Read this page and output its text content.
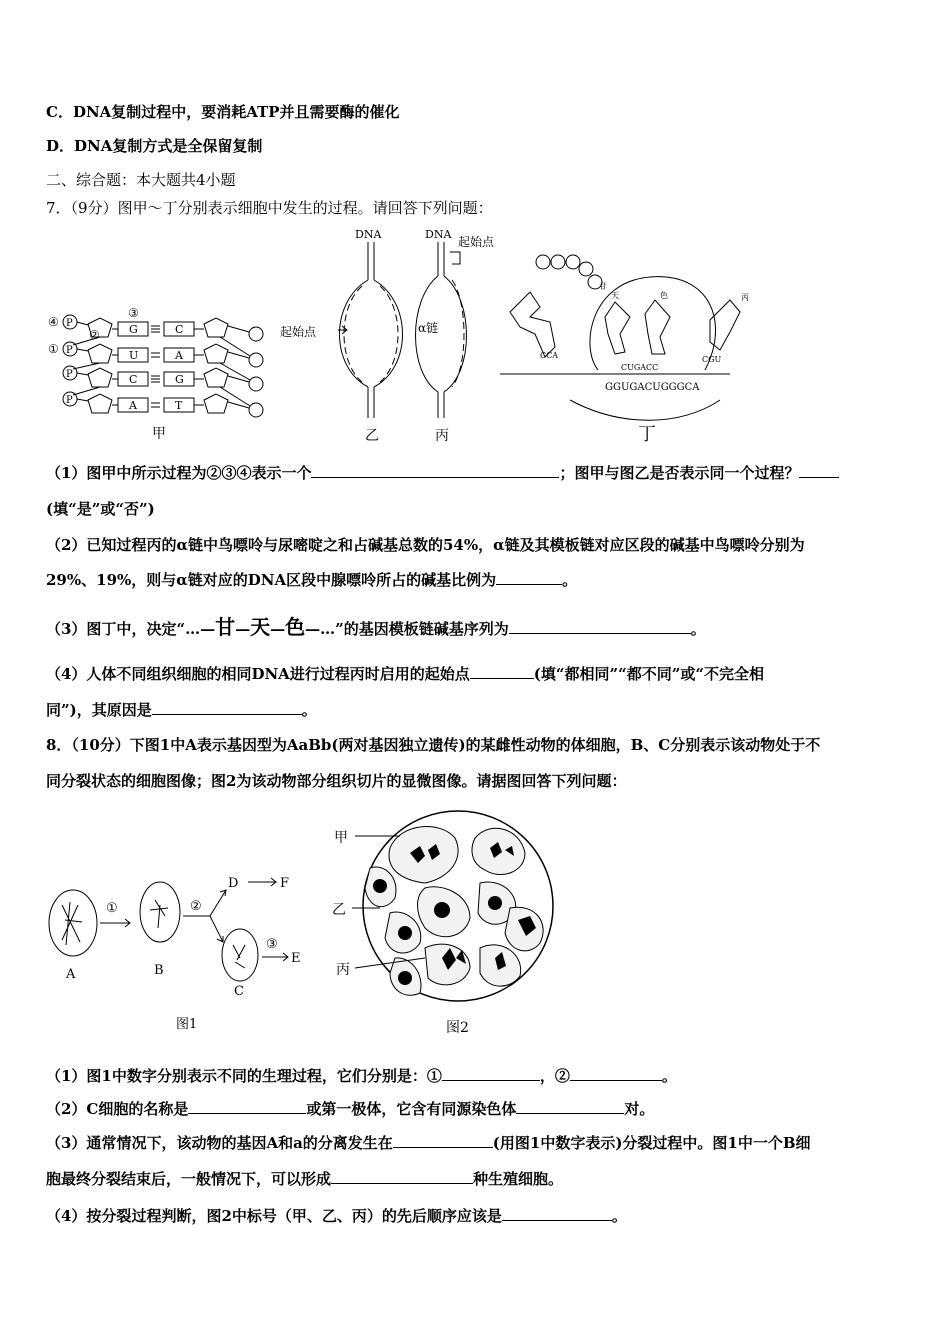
C．DNA复制过程中，要消耗ATP并且需要酶的催化
D．DNA复制方式是全保留复制
二、综合题：本大题共4小题
7．（9分）图甲～丁分别表示细胞中发生的过程。请回答下列问题：
④
①
②
③
P
P
P
P
G
U
C
A
C
A
G
T
甲
DNA
起始点
乙
DNA
起始点
α链
丙
甘
天	色	丙
CCA	CGU
CUGACC
GGUGACUGGGCA
丁
（1）图甲中所示过程为②③④表示一个	；图甲与图乙是否表示同一个过程？
(填“是”或“否”)
（2）已知过程丙的α链中鸟嘌呤与尿嘧啶之和占碱基总数的54%，α链及其模板链对应区段的碱基中鸟嘌呤分别为
29%、19%，则与α链对应的DNA区段中腺嘌呤所占的碱基比例为	。
（3）图丁中，决定“…—甘—天—色—…”的基因模板链碱基序列为	。
（4）人体不同组织细胞的相同DNA进行过程丙时启用的起始点	(填“都相同”“都不同”或“不完全相
同”)，其原因是	。
8．（10分）下图1中A表示基因型为AaBb(两对基因独立遗传)的某雌性动物的体细胞，B、C分别表示该动物处于不
同分裂状态的细胞图像；图2为该动物部分组织切片的显微图像。请据图回答下列问题：
A	B
C
D	F
E
①	②
③
图1
甲
乙
丙
图2
（1）图1中数字分别表示不同的生理过程，它们分别是：①	，②	。
（2）C细胞的名称是	或第一极体，它含有同源染色体	对。
（3）通常情况下，该动物的基因A和a的分离发生在	(用图1中数字表示)分裂过程中。图1中一个B细
胞最终分裂结束后，一般情况下，可以形成	种生殖细胞。
（4）按分裂过程判断，图2中标号（甲、乙、丙）的先后顺序应该是	。
